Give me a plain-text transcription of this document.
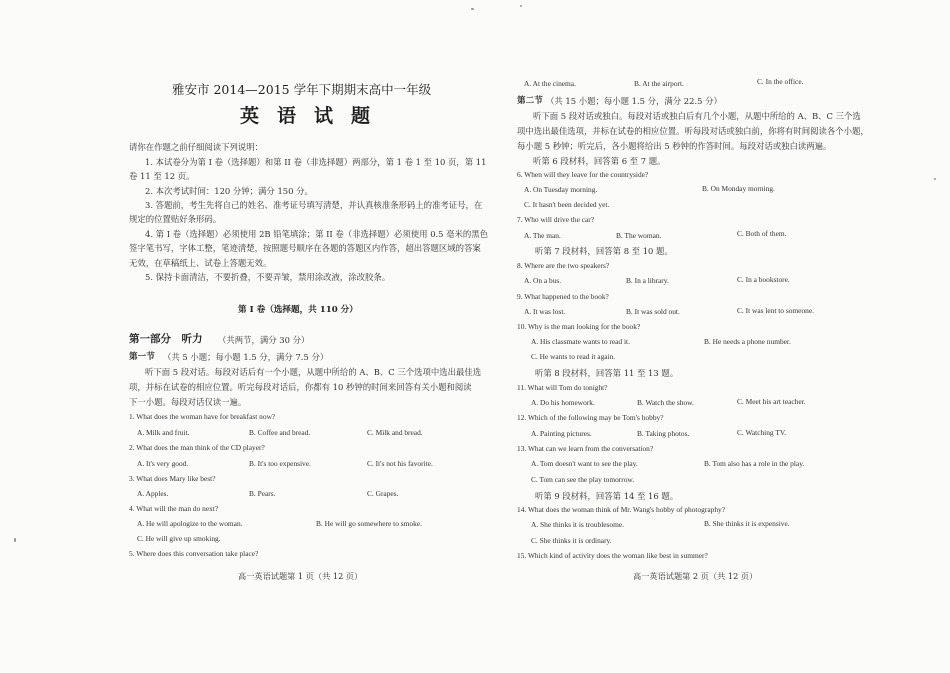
雅安市 2014—2015 学年下期期末高中一年级
英语试题
请你在作题之前仔细阅读下列说明：
1. 本试卷分为第 I 卷（选择题）和第 II 卷（非选择题）两部分，第 1 卷 1 至 10 页，第 11
卷 11 至 12 页。
2. 本次考试时间：120 分钟；满分 150 分。
3. 答题前，考生先将自己的姓名、准考证号填写清楚，并认真核准条形码上的准考证号，在
规定的位置贴好条形码。
4. 第 I 卷（选择题）必须使用 2B 铅笔填涂；第 II 卷（非选择题）必须使用 0.5 毫米的黑色
签字笔书写，字体工整，笔迹清楚，按照题号顺序在各题的答题区内作答，超出答题区域的答案
无效，在草稿纸上、试卷上答题无效。
5. 保持卡面清洁，不要折叠，不要弄皱，禁用涂改液，涂改胶条。
第 I 卷（选择题，共 110 分）
第一部分　听力 （共两节，满分 30 分）
第一节 （共 5 小题；每小题 1.5 分，满分 7.5 分）
听下面 5 段对话。每段对话后有一个小题，从题中所给的 A、B、C 三个选项中选出最佳选
项，并标在试卷的相应位置。听完每段对话后，你都有 10 秒钟的时间来回答有关小题和阅读
下一小题。每段对话仅读一遍。
1. What does the woman have for breakfast now?
A. Milk and fruit.	B. Coffee and bread.	C. Milk and bread.
2. What does the man think of the CD player?
A. It's very good.	B. It's too expensive.	C. It's not his favorite.
3. What does Mary like best?
A. Apples.	B. Pears.	C. Grapes.
4. What will the man do next?
A. He will apologize to the woman.	B. He will go somewhere to smoke.
C. He will give up smoking.
5. Where does this conversation take place?
高一英语试题第 1 页（共 12 页）
A. At the cinema.	B. At the airport.	C. In the office.
第二节 （共 15 小题；每小题 1.5 分，满分 22.5 分）
听下面 5 段对话或独白。每段对话或独白后有几个小题，从题中所给的 A、B、C 三个选
项中选出最佳选项，并标在试卷的相应位置。听每段对话或独白前，你将有时间阅读各个小题，
每小题 5 秒钟；听完后，各小题将给出 5 秒钟的作答时间。每段对话或独白读两遍。
听第 6 段材料，回答第 6 至 7 题。
6. When will they leave for the countryside?
A. On Tuesday morning.	B. On Monday morning.
C. It hasn't been decided yet.
7. Who will drive the car?
A. The man.	B. The woman.	C. Both of them.
听第 7 段材料，回答第 8 至 10 题。
8. Where are the two speakers?
A. On a bus.	B. In a library.	C. In a bookstore.
9. What happened to the book?
A. It was lost.	B. It was sold out.	C. It was lent to someone.
10. Why is the man looking for the book?
A. His classmate wants to read it.	B. He needs a phone number.
C. He wants to read it again.
听第 8 段材料，回答第 11 至 13 题。
11. What will Tom do tonight?
A. Do his homework.	B. Watch the show.	C. Meet his art teacher.
12. Which of the following may be Tom's hobby?
A. Painting pictures.	B. Taking photos.	C. Watching TV.
13. What can we learn from the conversation?
A. Tom doesn't want to see the play.	B. Tom also has a role in the play.
C. Tom can see the play tomorrow.
听第 9 段材料，回答第 14 至 16 题。
14. What does the woman think of Mr. Wang's hobby of photography?
A. She thinks it is troublesome.	B. She thinks it is expensive.
C. She thinks it is ordinary.
15. Which kind of activity does the woman like best in summer?
高一英语试题第 2 页（共 12 页）
